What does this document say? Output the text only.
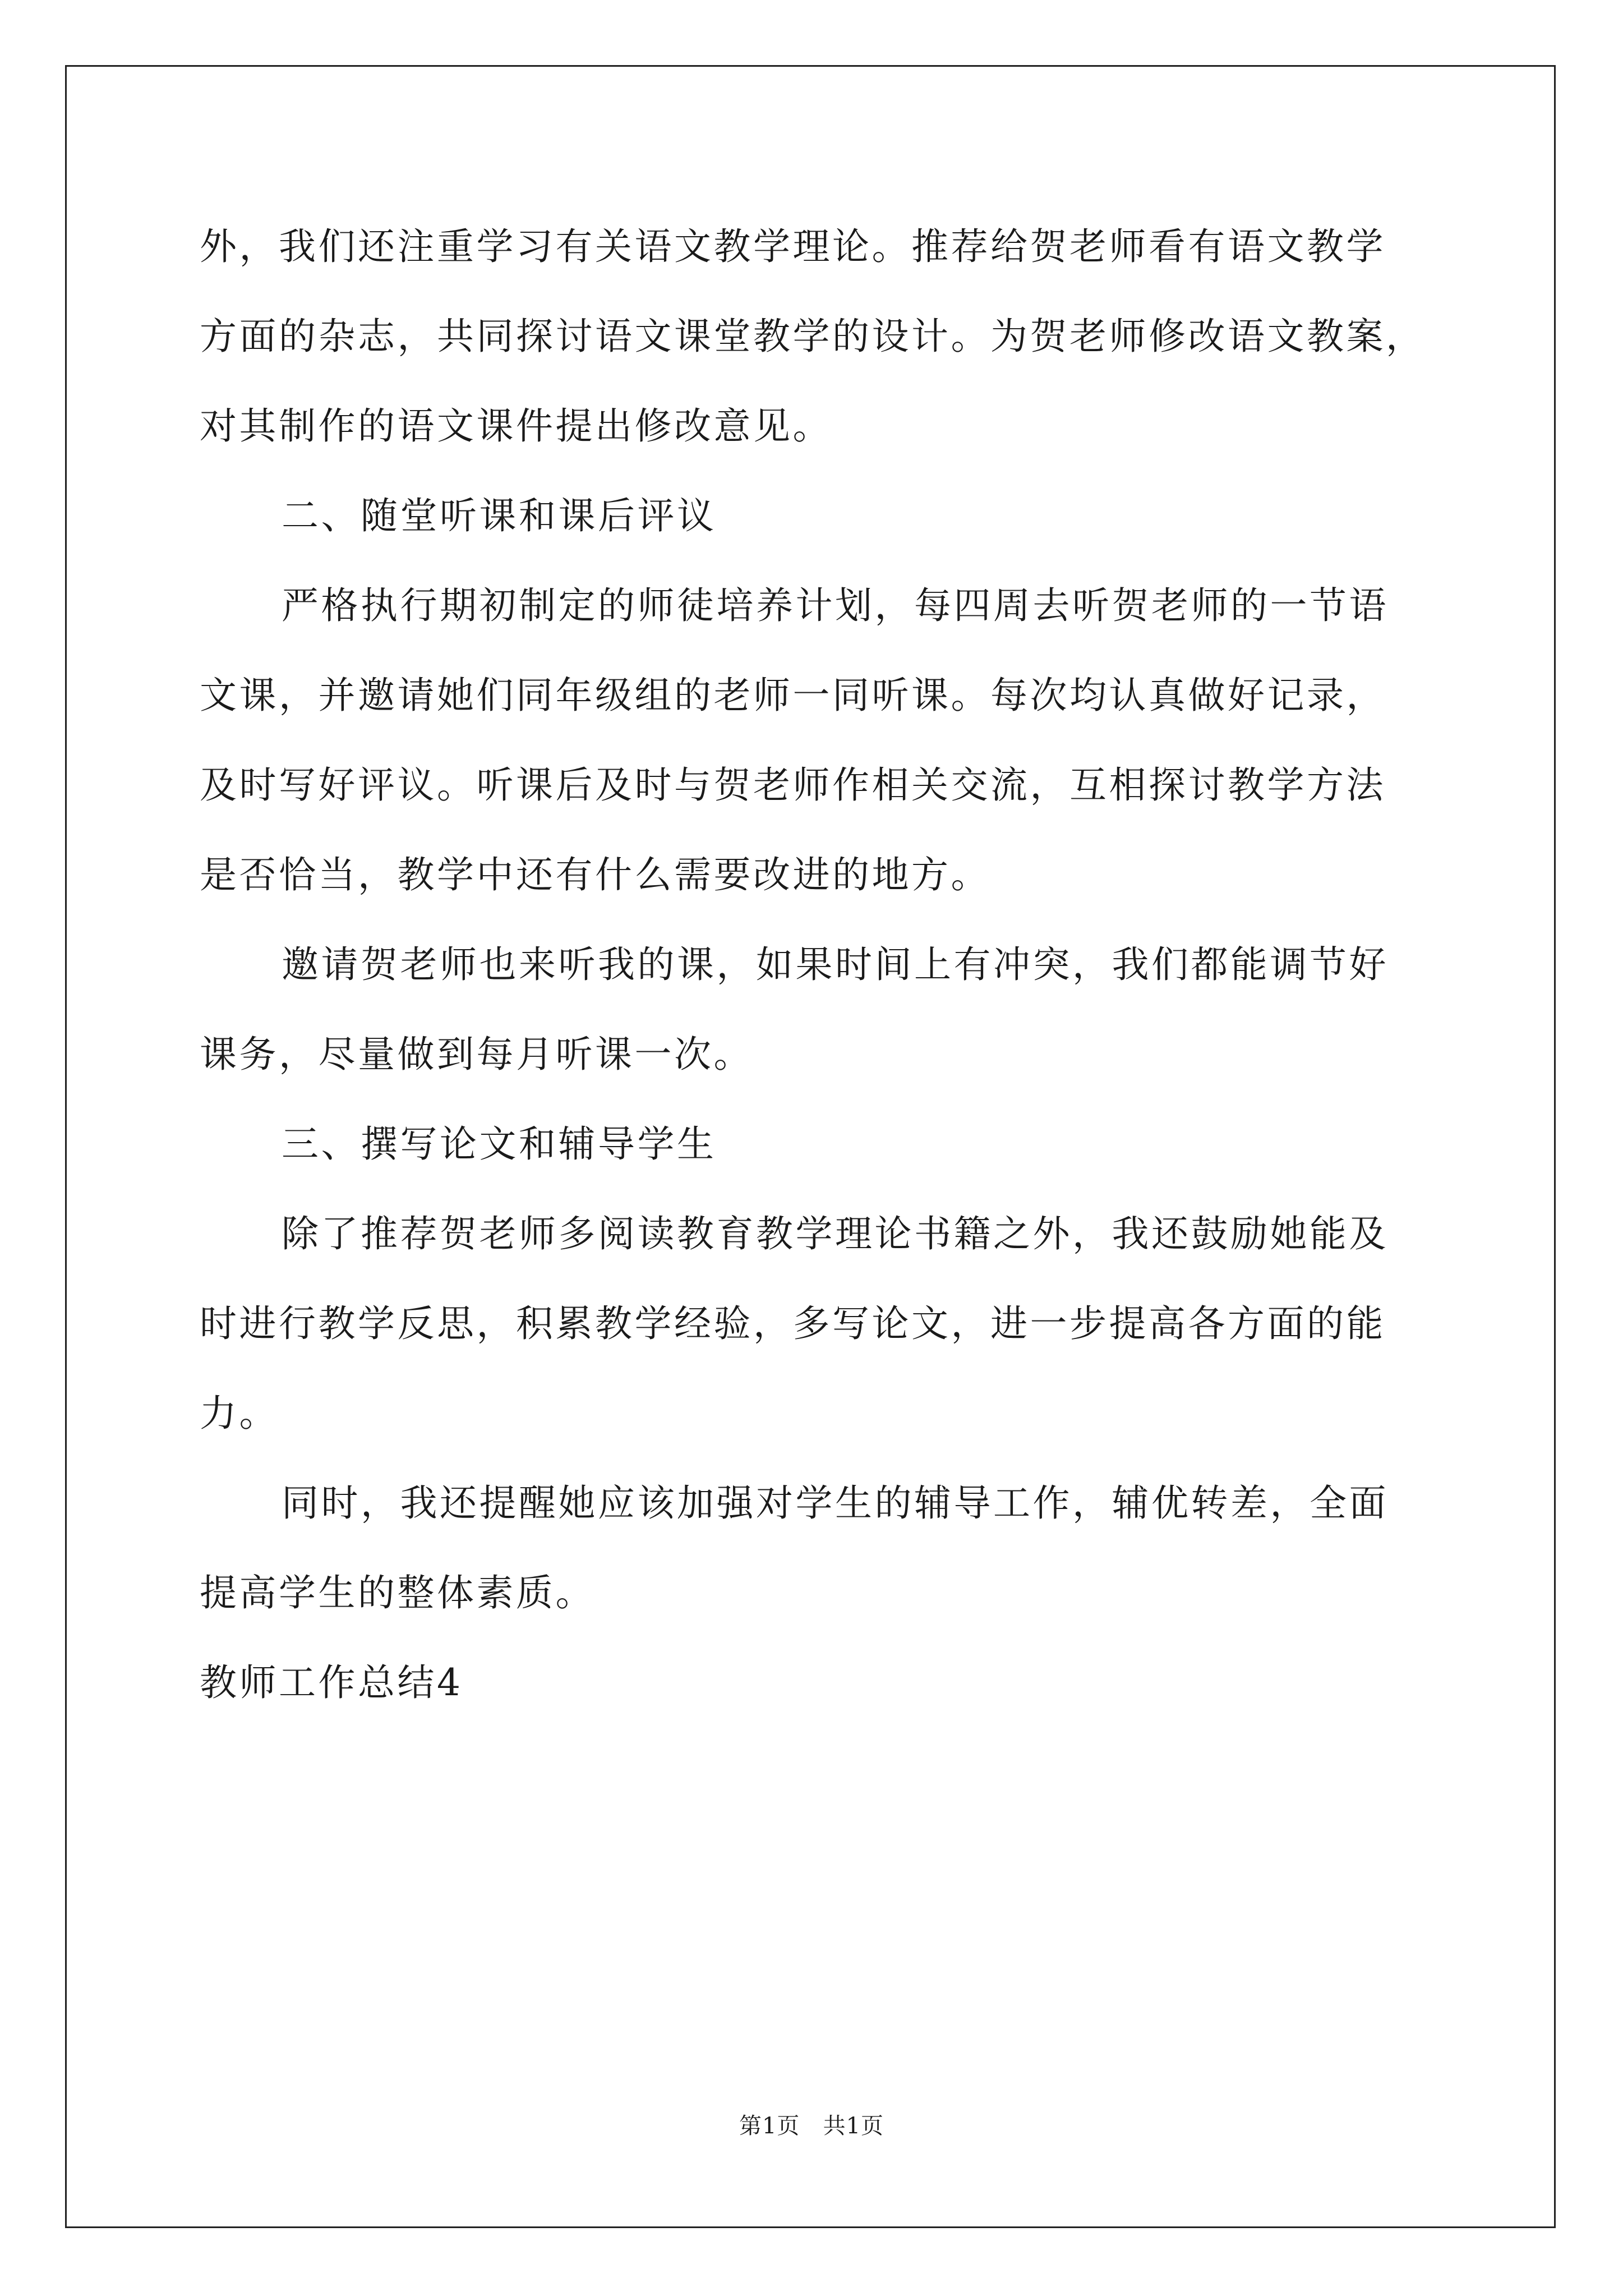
外，我们还注重学习有关语文教学理论。推荐给贺老师看有语文教学
方面的杂志，共同探讨语文课堂教学的设计。为贺老师修改语文教案，
对其制作的语文课件提出修改意见。
二、随堂听课和课后评议
严格执行期初制定的师徒培养计划，每四周去听贺老师的一节语
文课，并邀请她们同年级组的老师一同听课。每次均认真做好记录，
及时写好评议。听课后及时与贺老师作相关交流，互相探讨教学方法
是否恰当，教学中还有什么需要改进的地方。
邀请贺老师也来听我的课，如果时间上有冲突，我们都能调节好
课务，尽量做到每月听课一次。
三、撰写论文和辅导学生
除了推荐贺老师多阅读教育教学理论书籍之外，我还鼓励她能及
时进行教学反思，积累教学经验，多写论文，进一步提高各方面的能
力。
同时，我还提醒她应该加强对学生的辅导工作，辅优转差，全面
提高学生的整体素质。
教师工作总结4
第1页 共1页
